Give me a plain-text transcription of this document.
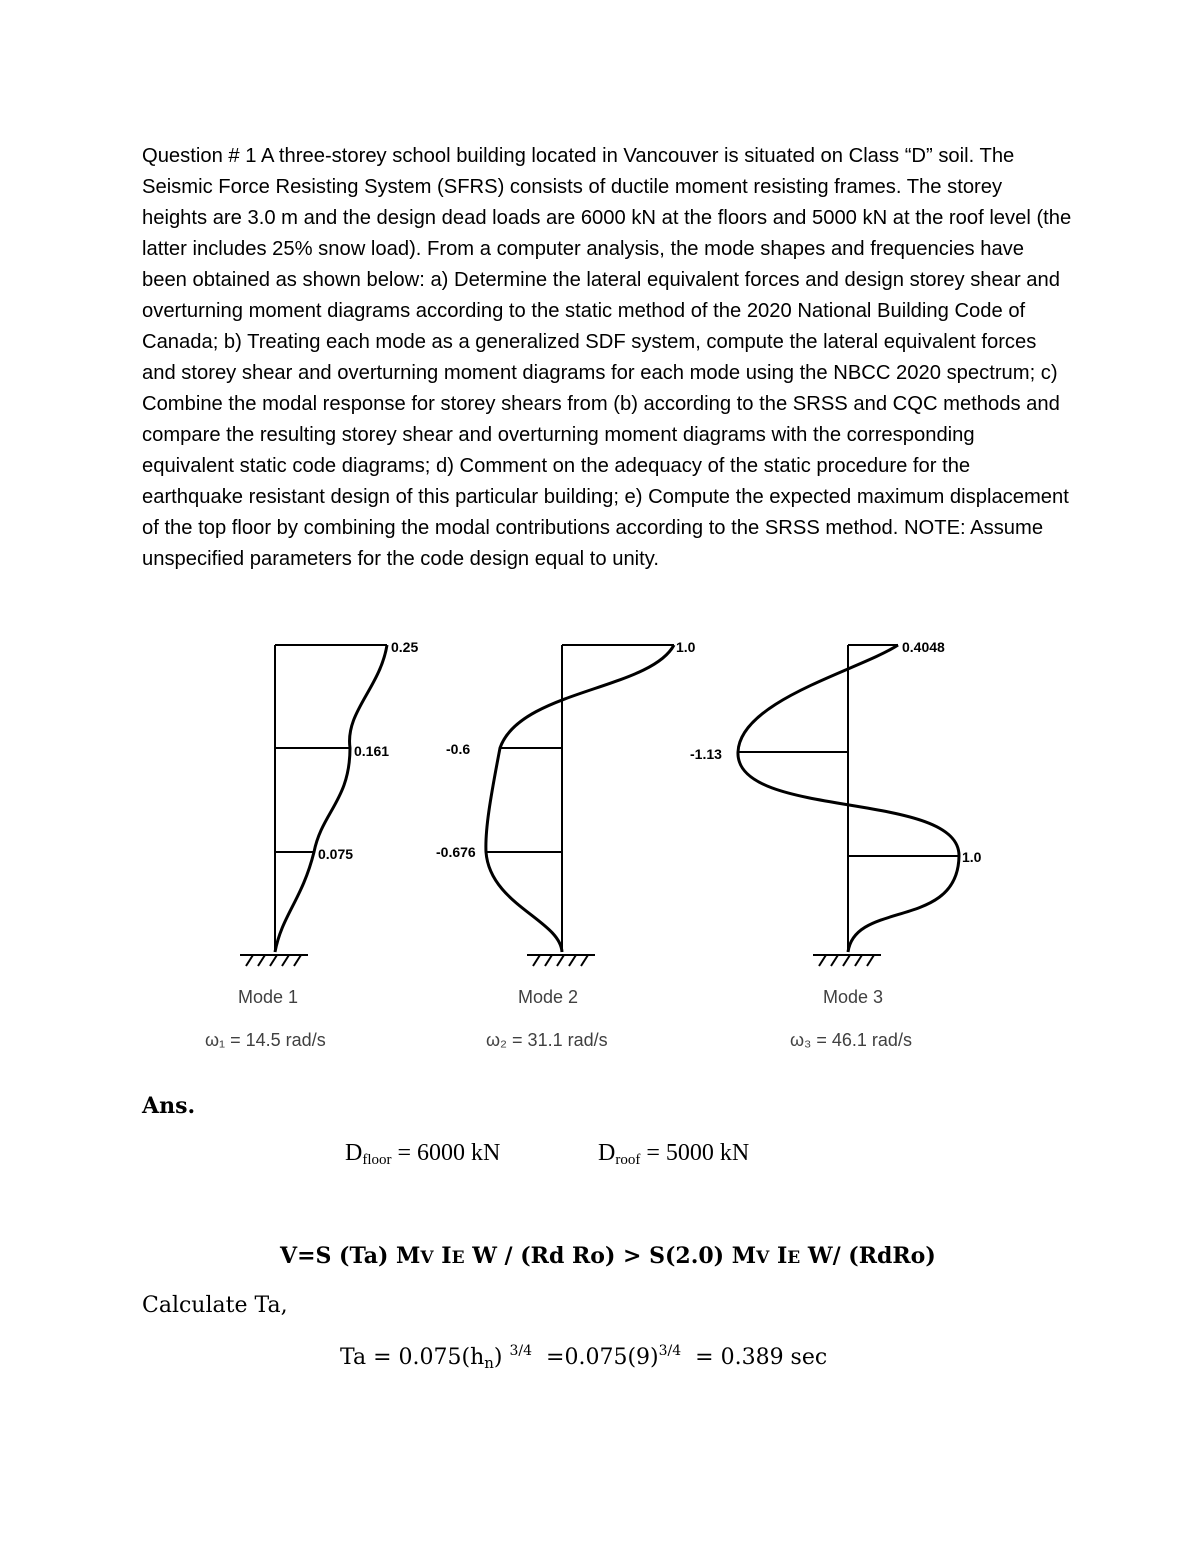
Question # 1 A three-storey school building located in Vancouver is situated on Class “D” soil. The Seismic Force Resisting System (SFRS) consists of ductile moment resisting frames. The storey heights are 3.0 m and the design dead loads are 6000 kN at the floors and 5000 kN at the roof level (the latter includes 25% snow load). From a computer analysis, the mode shapes and frequencies have been obtained as shown below: a) Determine the lateral equivalent forces and design storey shear and overturning moment diagrams according to the static method of the 2020 National Building Code of Canada; b) Treating each mode as a generalized SDF system, compute the lateral equivalent forces and storey shear and overturning moment diagrams for each mode using the NBCC 2020 spectrum; c) Combine the modal response for storey shears from (b) according to the SRSS and CQC methods and compare the resulting storey shear and overturning moment diagrams with the corresponding equivalent static code diagrams; d) Comment on the adequacy of the static procedure for the earthquake resistant design of this particular building; e) Compute the expected maximum displacement of the top floor by combining the modal contributions according to the SRSS method. NOTE: Assume unspecified parameters for the code design equal to unity.

0.25
0.161
0.075
1.0
-0.6
-0.676
0.4048
-1.13
1.0
Mode 1	Mode 2	Mode 3
ω₁ = 14.5 rad/s	ω₂ = 31.1 rad/s	ω₃ = 46.1 rad/s

Ans.

$D_{floor} = 6000$ kN	$D_{roof} = 5000$ kN
V=S (Ta) MV IE W / (Rd Ro) > S(2.0) MV IE W/ (RdRo)
Calculate Ta,
$Ta = 0.075(h_n)$ $^{3/4} =0.075(9)^{3/4} = 0.389$ sec
